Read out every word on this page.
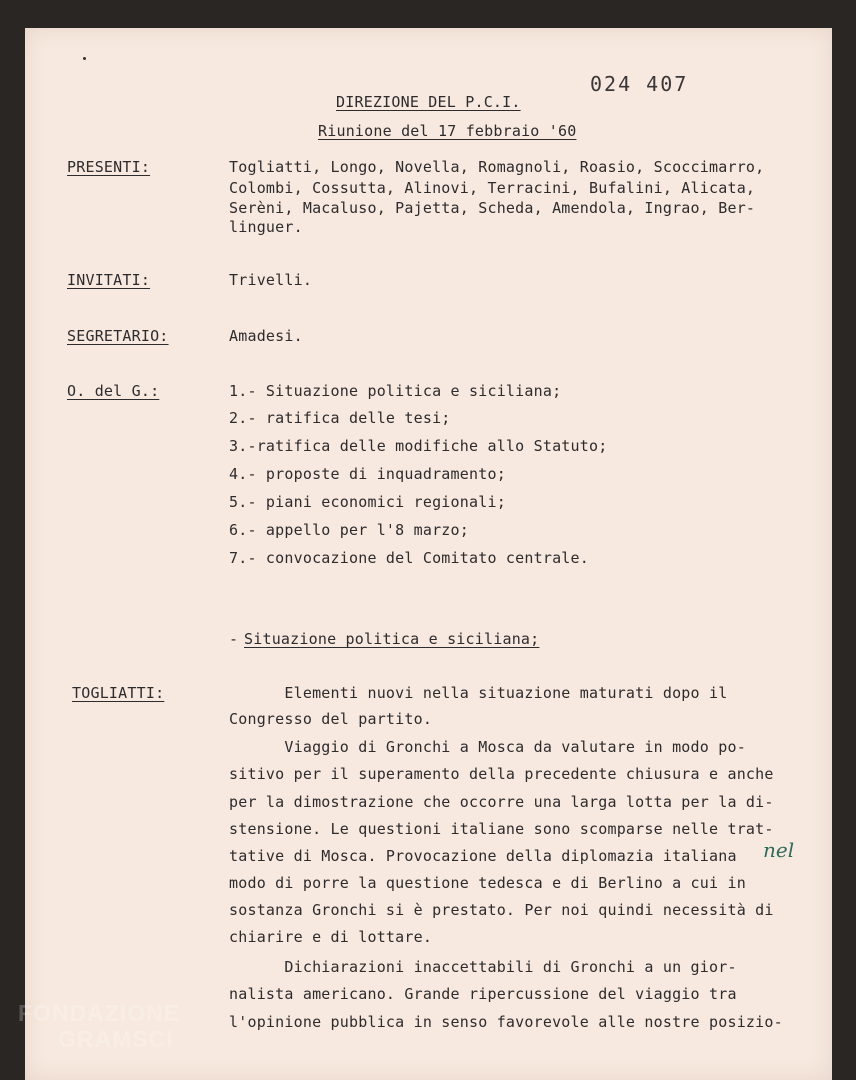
024 407
DIREZIONE DEL P.C.I.
Riunione del 17 febbraio '60
PRESENTI:	Togliatti, Longo, Novella, Romagnoli, Roasio, Scoccimarro,
Colombi, Cossutta, Alinovi, Terracini, Bufalini, Alicata,
Serèni, Macaluso, Pajetta, Scheda, Amendola, Ingrao, Ber-
linguer.
INVITATI:	Trivelli.
SEGRETARIO:	Amadesi.
O. del G.:	1.- Situazione politica e siciliana;
2.- ratifica delle tesi;
3.-ratifica delle modifiche allo Statuto;
4.- proposte di inquadramento;
5.- piani economici regionali;
6.- appello per l'8 marzo;
7.- convocazione del Comitato centrale.
- Situazione politica e siciliana;
TOGLIATTI:	Elementi nuovi nella situazione maturati dopo il
Congresso del partito.
Viaggio di Gronchi a Mosca da valutare in modo po-
sitivo per il superamento della precedente chiusura e anche
per la dimostrazione che occorre una larga lotta per la di-
stensione. Le questioni italiane sono scomparse nelle trat-
tative di Mosca. Provocazione della diplomazia italiana
modo di porre la questione tedesca e di Berlino a cui in
sostanza Gronchi si è prestato. Per noi quindi necessità di
chiarire e di lottare.
Dichiarazioni inaccettabili di Gronchi a un gior-
nalista americano. Grande ripercussione del viaggio tra
l'opinione pubblica in senso favorevole alle nostre posizio-
nel
FONDAZIONE
GRAMSCI
